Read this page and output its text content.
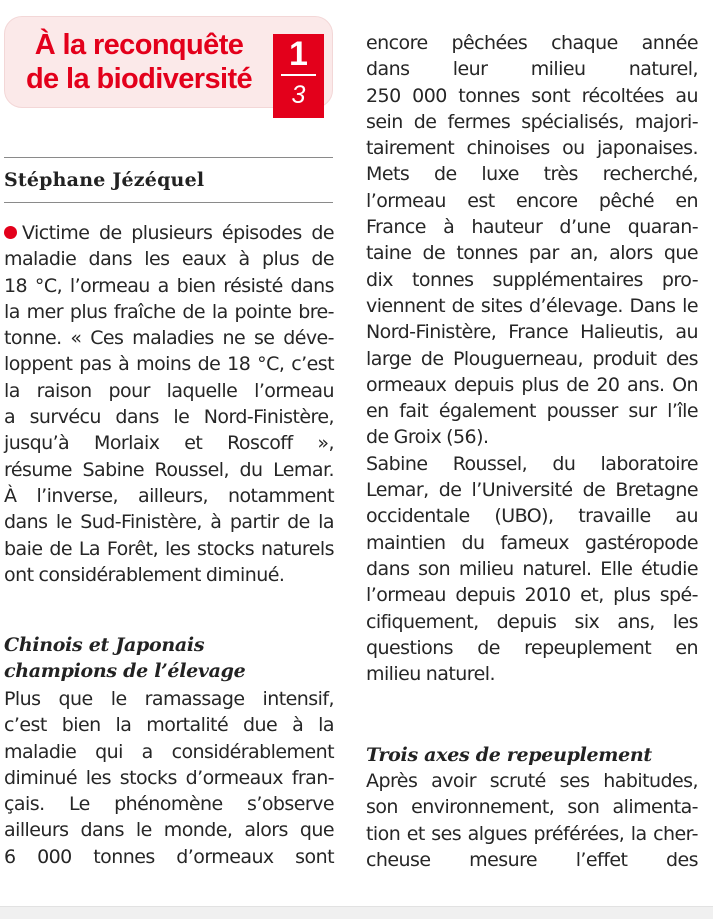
À la reconquête
de la biodiversité
1
3
Stéphane Jézéquel
Victime de plusieurs épisodes de
maladie dans les eaux à plus de
18 °C, l’ormeau a bien résisté dans
la mer plus fraîche de la pointe bre-
tonne. « Ces maladies ne se déve-
loppent pas à moins de 18 °C, c’est
la raison pour laquelle l’ormeau
a survécu dans le Nord-Finistère,
jusqu’à Morlaix et Roscoff »,
résume Sabine Roussel, du Lemar.
À l’inverse, ailleurs, notamment
dans le Sud-Finistère, à partir de la
baie de La Forêt, les stocks naturels
ont considérablement diminué.
Chinois et Japonais
champions de l’élevage
Plus que le ramassage intensif,
c’est bien la mortalité due à la
maladie qui a considérablement
diminué les stocks d’ormeaux fran-
çais. Le phénomène s’observe
ailleurs dans le monde, alors que
6 000 tonnes d’ormeaux sont
encore pêchées chaque année
dans leur milieu naturel,
250 000 tonnes sont récoltées au
sein de fermes spécialisés, majori-
tairement chinoises ou japonaises.
Mets de luxe très recherché,
l’ormeau est encore pêché en
France à hauteur d’une quaran-
taine de tonnes par an, alors que
dix tonnes supplémentaires pro-
viennent de sites d’élevage. Dans le
Nord-Finistère, France Halieutis, au
large de Plouguerneau, produit des
ormeaux depuis plus de 20 ans. On
en fait également pousser sur l’île
de Groix (56).
Sabine Roussel, du laboratoire
Lemar, de l’Université de Bretagne
occidentale (UBO), travaille au
maintien du fameux gastéropode
dans son milieu naturel. Elle étudie
l’ormeau depuis 2010 et, plus spé-
cifiquement, depuis six ans, les
questions de repeuplement en
milieu naturel.
Trois axes de repeuplement
Après avoir scruté ses habitudes,
son environnement, son alimenta-
tion et ses algues préférées, la cher-
cheuse mesure l’effet des
